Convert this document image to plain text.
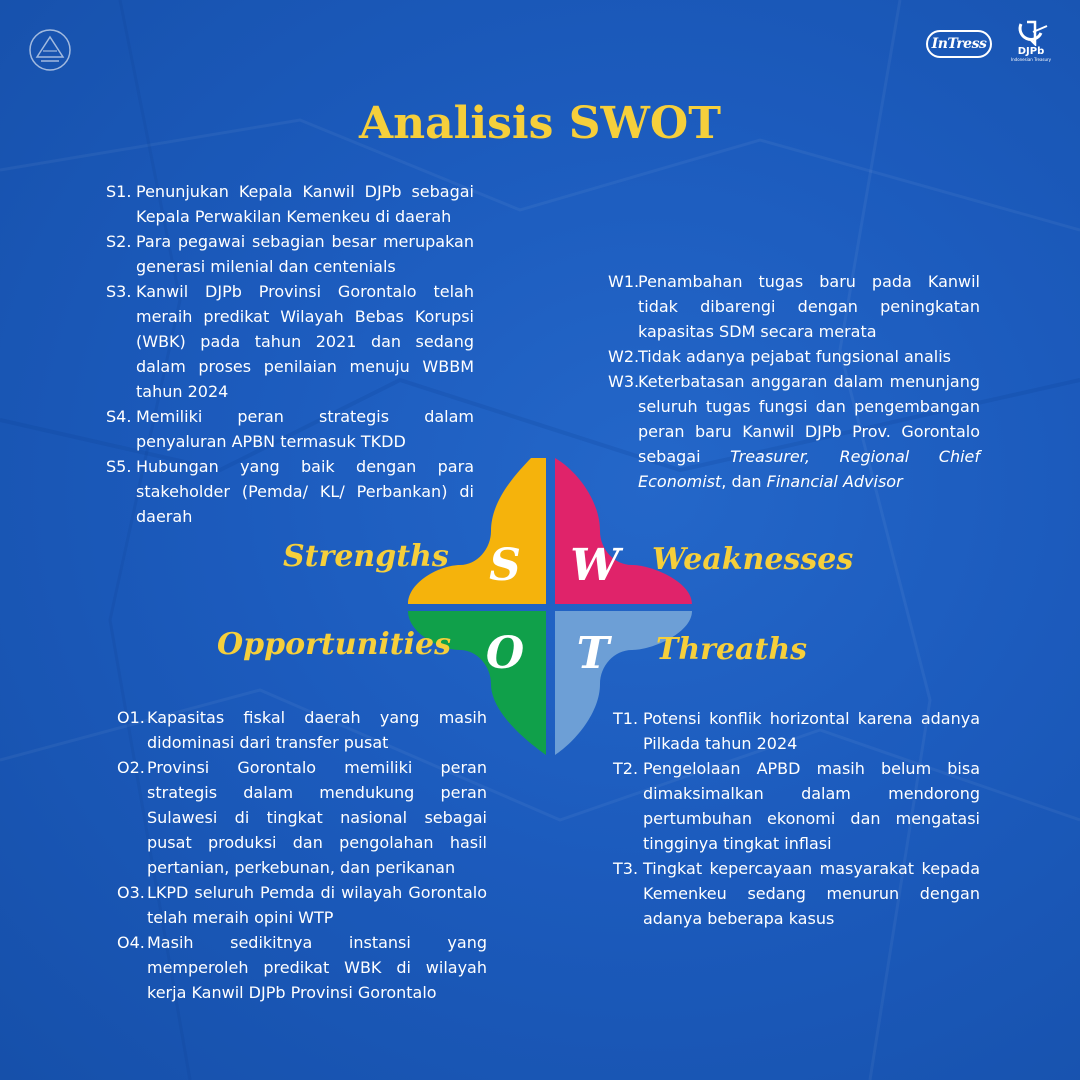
InTress	DJPb
Indonesian Treasury
Analisis SWOT
S1. Penunjukan Kepala Kanwil DJPb sebagai Kepala Perwakilan Kemenkeu di daerah
S2. Para pegawai sebagian besar merupakan generasi milenial dan centenials
S3. Kanwil DJPb Provinsi Gorontalo telah meraih predikat Wilayah Bebas Korupsi (WBK) pada tahun 2021 dan sedang dalam proses penilaian menuju WBBM tahun 2024
S4. Memiliki peran strategis dalam penyaluran APBN termasuk TKDD
S5. Hubungan yang baik dengan para stakeholder (Pemda/ KL/ Perbankan) di daerah
W1.
Penambahan tugas baru pada Kanwil tidak dibarengi dengan peningkatan kapasitas SDM secara merata
W2.
Tidak adanya pejabat fungsional analis
W3.
Keterbatasan anggaran dalam menunjang seluruh tugas fungsi dan pengembangan peran baru Kanwil DJPb Prov. Gorontalo sebagai Treasurer, Regional Chief Economist, dan Financial Advisor
O1. Kapasitas fiskal daerah yang masih didominasi dari transfer pusat
O2. Provinsi Gorontalo memiliki peran strategis dalam mendukung peran Sulawesi di tingkat nasional sebagai pusat produksi dan pengolahan hasil pertanian, perkebunan, dan perikanan
O3. LKPD seluruh Pemda di wilayah Gorontalo telah meraih opini WTP
O4. Masih sedikitnya instansi yang memperoleh predikat WBK di wilayah kerja Kanwil DJPb Provinsi Gorontalo
T1. Potensi konflik horizontal karena adanya Pilkada tahun 2024
T2. Pengelolaan APBD masih belum bisa dimaksimalkan dalam mendorong pertumbuhan ekonomi dan mengatasi tingginya tingkat inflasi
T3. Tingkat kepercayaan masyarakat kepada Kemenkeu sedang menurun dengan adanya beberapa kasus
S W
O T
Strengths	Weaknesses
Opportunities	Threaths
